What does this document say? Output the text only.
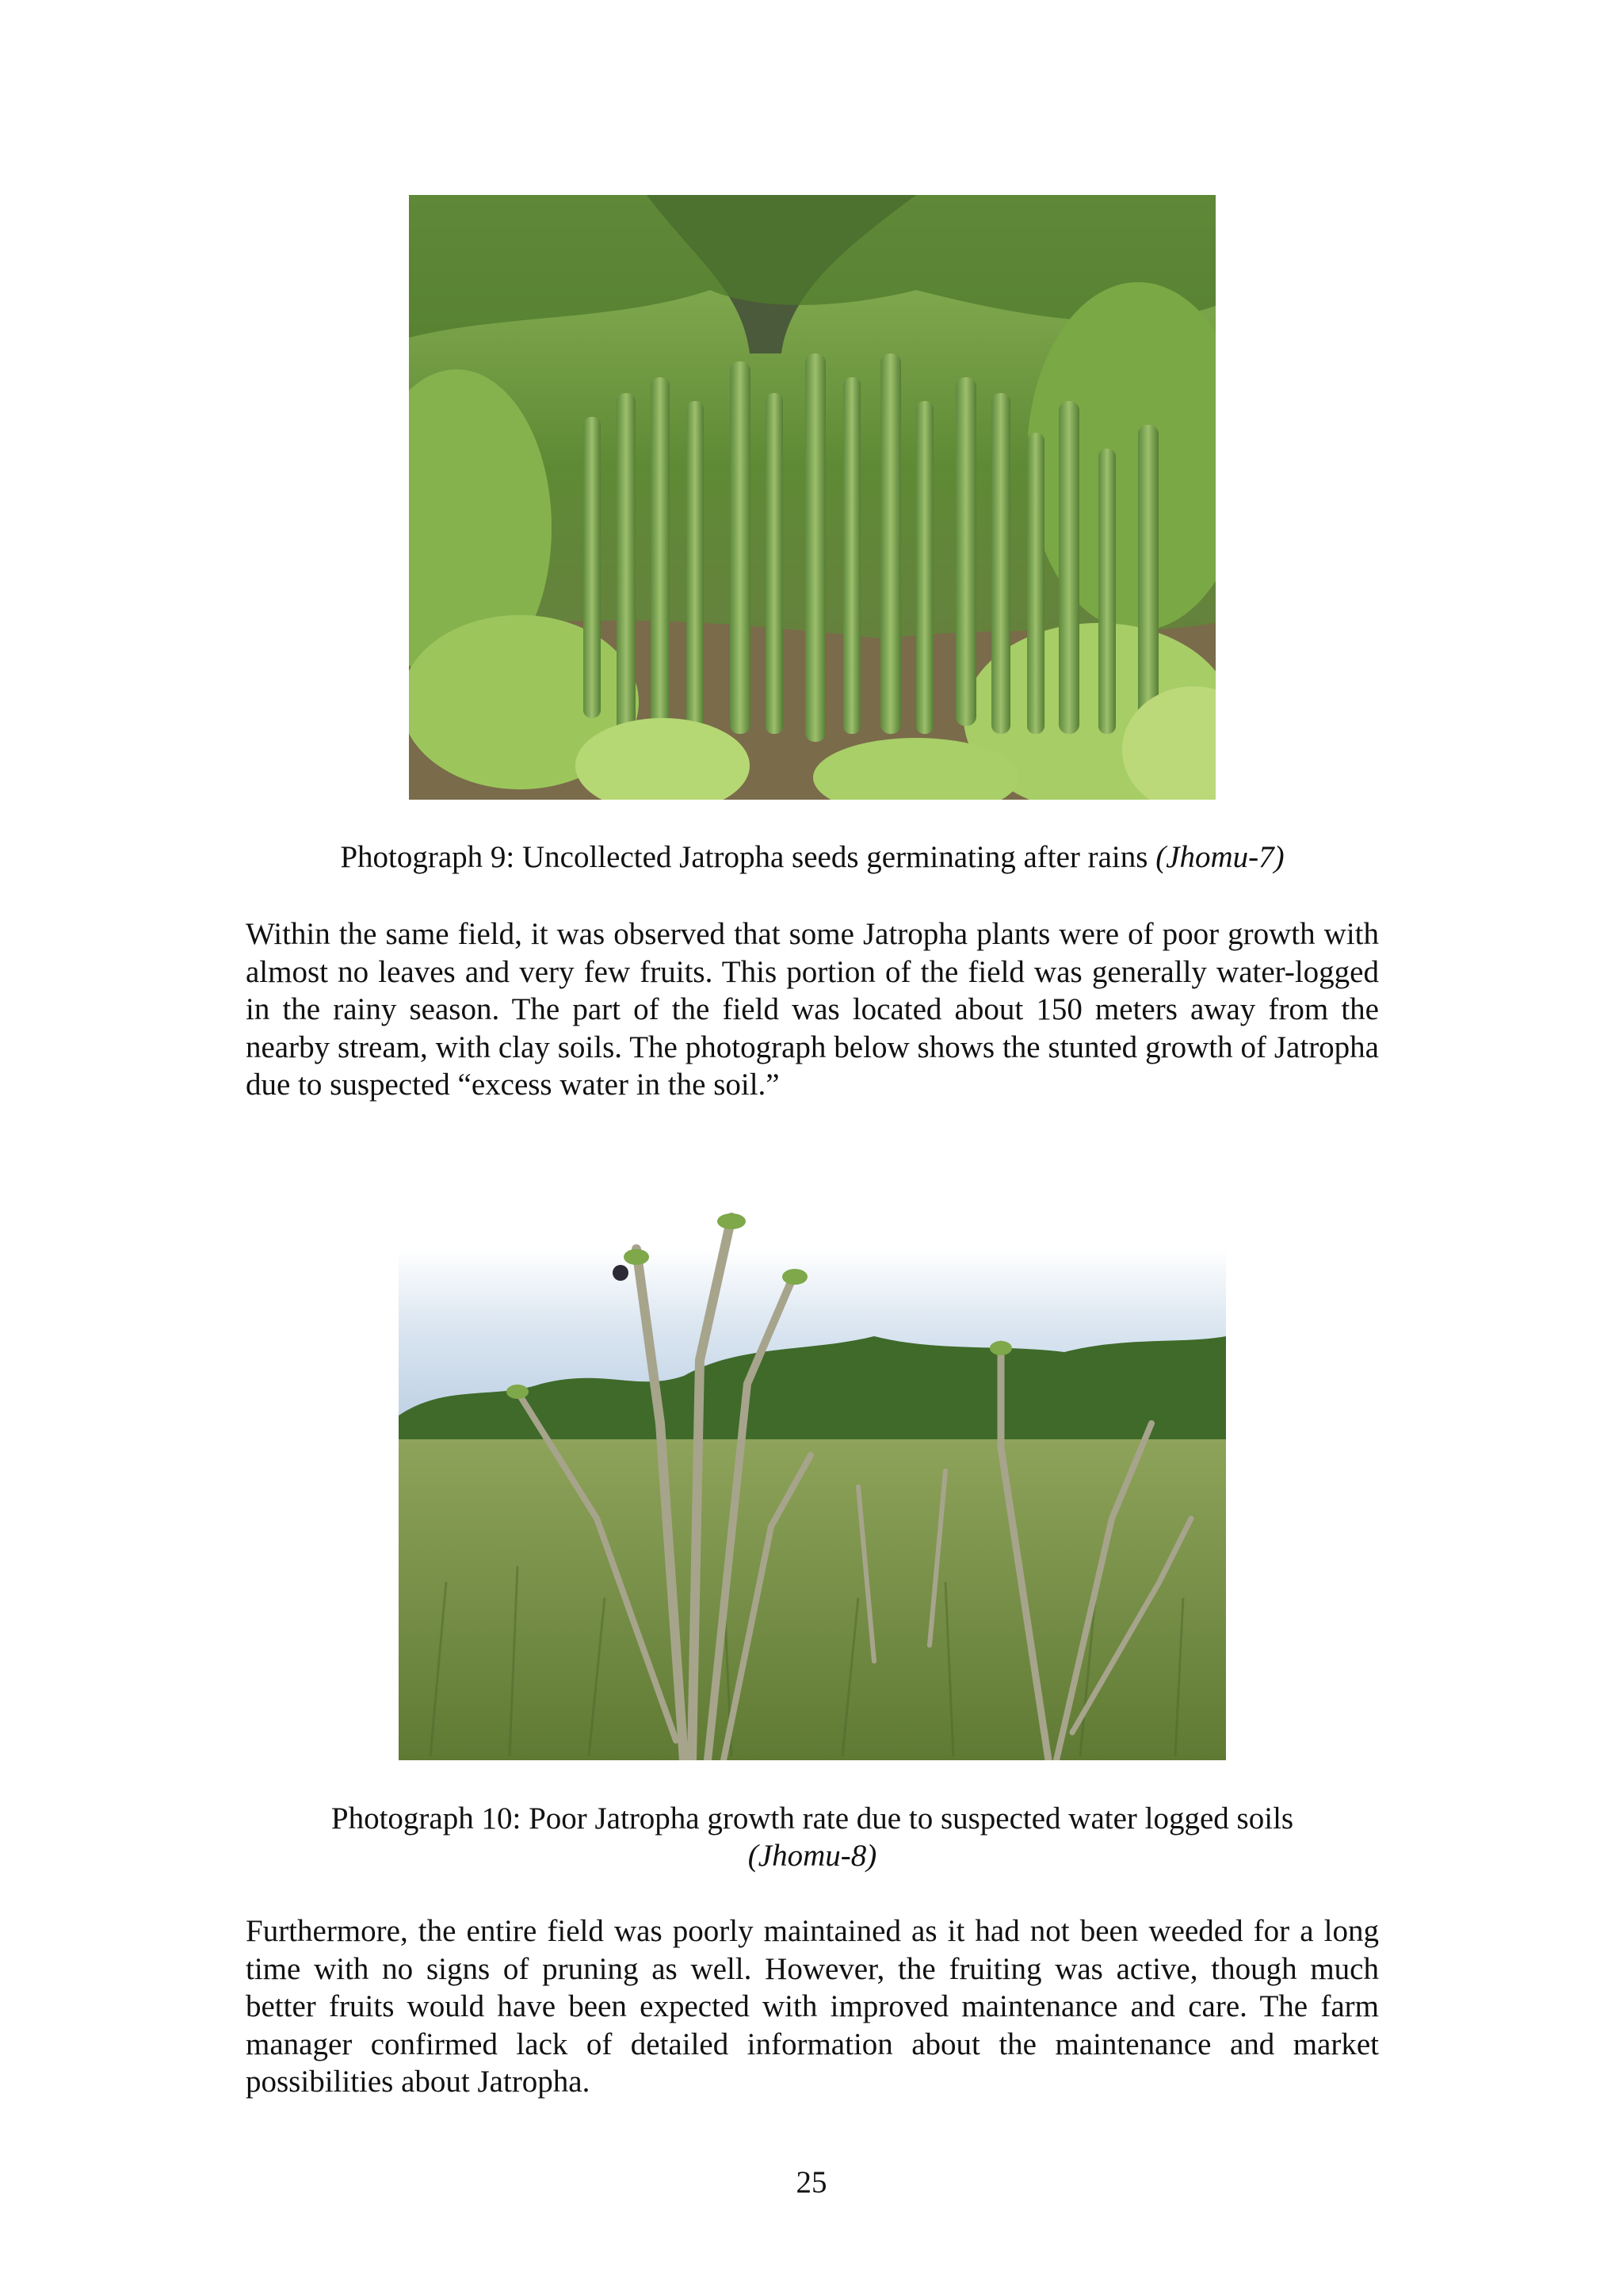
Photograph 9: Uncollected Jatropha seeds germinating after rains (Jhomu-7)

Within the same field, it was observed that some Jatropha plants were of poor growth with almost no leaves and very few fruits. This portion of the field was generally water-logged in the rainy season. The part of the field was located about 150 meters away from the nearby stream, with clay soils. The photograph below shows the stunted growth of Jatropha due to suspected “excess water in the soil.”

Photograph 10: Poor Jatropha growth rate due to suspected water logged soils
(Jhomu-8)

Furthermore, the entire field was poorly maintained as it had not been weeded for a long time with no signs of pruning as well. However, the fruiting was active, though much better fruits would have been expected with improved maintenance and care. The farm manager confirmed lack of detailed information about the maintenance and market possibilities about Jatropha.

25
